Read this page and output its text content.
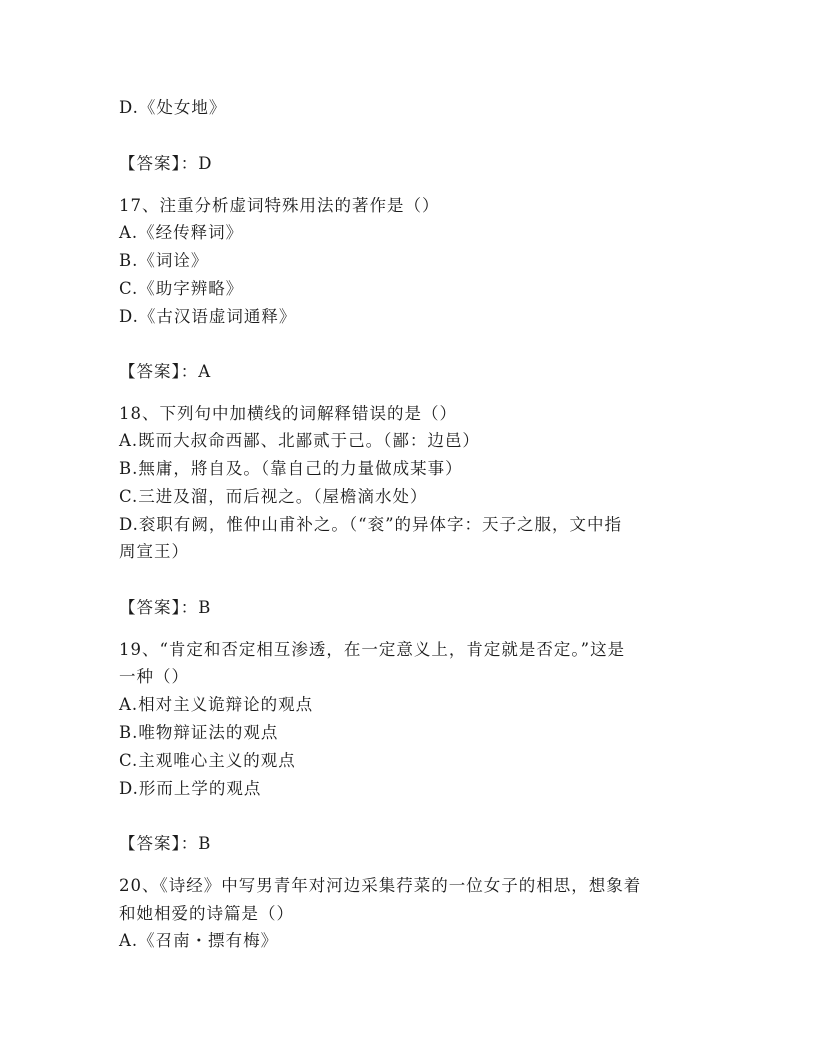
D.《处女地》
【答案】：D
17、注重分析虚词特殊用法的著作是（）
A.《经传释词》
B.《词诠》
C.《助字辨略》
D.《古汉语虚词通释》
【答案】：A
18、下列句中加横线的词解释错误的是（）
A.既而大叔命西鄙、北鄙贰于己。（鄙：边邑）
B.無庸，將自及。（靠自己的力量做成某事）
C.三进及溜，而后视之。（屋檐滴水处）
D.衮职有阙，惟仲山甫补之。（“衮”的异体字：天子之服，文中指
周宣王）
【答案】：B
19、“肯定和否定相互渗透，在一定意义上，肯定就是否定。”这是
一种（）
A.相对主义诡辩论的观点
B.唯物辩证法的观点
C.主观唯心主义的观点
D.形而上学的观点
【答案】：B
20、《诗经》中写男青年对河边采集荇菜的一位女子的相思，想象着
和她相爱的诗篇是（）
A.《召南・摽有梅》
